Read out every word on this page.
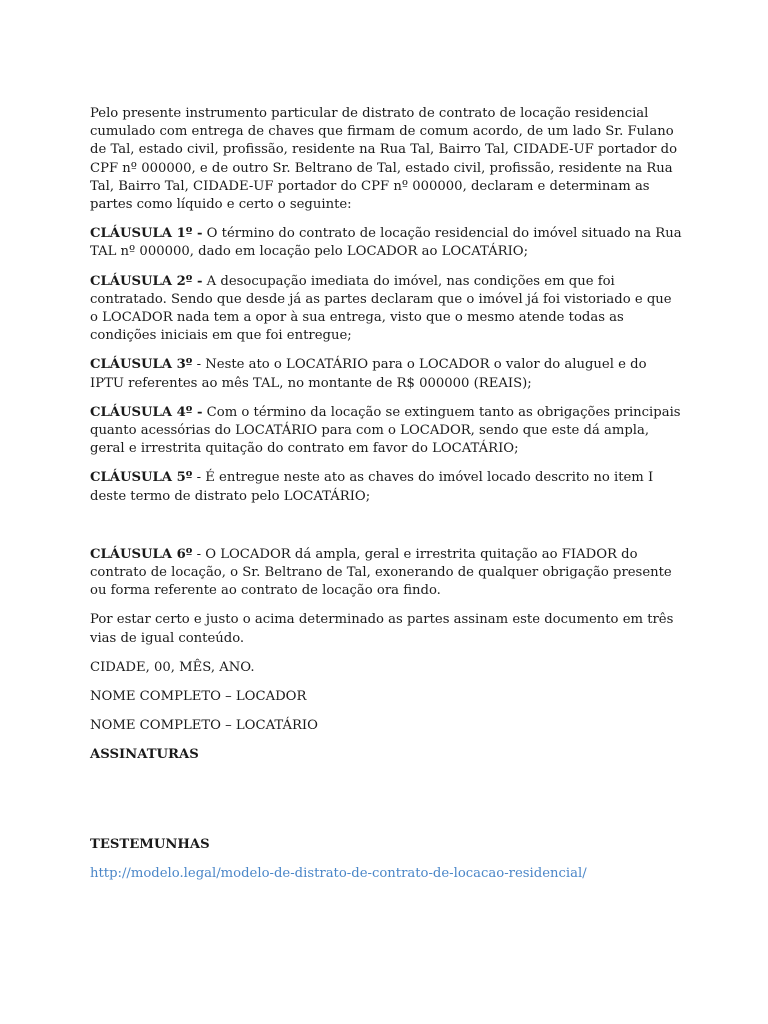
Pelo presente instrumento particular de distrato de contrato de locação residencial cumulado com entrega de chaves que firmam de comum acordo, de um lado Sr. Fulano de Tal, estado civil, profissão, residente na Rua Tal, Bairro Tal, CIDADE-UF portador do CPF nº 000000, e de outro Sr. Beltrano de Tal, estado civil, profissão, residente na Rua Tal, Bairro Tal, CIDADE-UF portador do CPF nº 000000, declaram e determinam as partes como líquido e certo o seguinte:

CLÁUSULA 1º - O término do contrato de locação residencial do imóvel situado na Rua TAL nº 000000, dado em locação pelo LOCADOR ao LOCATÁRIO;

CLÁUSULA 2º - A desocupação imediata do imóvel, nas condições em que foi contratado. Sendo que desde já as partes declaram que o imóvel já foi vistoriado e que o LOCADOR nada tem a opor à sua entrega, visto que o mesmo atende todas as condições iniciais em que foi entregue;

CLÁUSULA 3º - Neste ato o LOCATÁRIO para o LOCADOR o valor do aluguel e do IPTU referentes ao mês TAL, no montante de R$ 000000 (REAIS);

CLÁUSULA 4º - Com o término da locação se extinguem tanto as obrigações principais quanto acessórias do LOCATÁRIO para com o LOCADOR, sendo que este dá ampla, geral e irrestrita quitação do contrato em favor do LOCATÁRIO;

CLÁUSULA 5º - É entregue neste ato as chaves do imóvel locado descrito no item I deste termo de distrato pelo LOCATÁRIO;

CLÁUSULA 6º - O LOCADOR dá ampla, geral e irrestrita quitação ao FIADOR do contrato de locação, o Sr. Beltrano de Tal, exonerando de qualquer obrigação presente ou forma referente ao contrato de locação ora findo.

Por estar certo e justo o acima determinado as partes assinam este documento em três vias de igual conteúdo.

CIDADE, 00, MÊS, ANO.

NOME COMPLETO – LOCADOR

NOME COMPLETO – LOCATÁRIO

ASSINATURAS

TESTEMUNHAS

http://modelo.legal/modelo-de-distrato-de-contrato-de-locacao-residencial/
